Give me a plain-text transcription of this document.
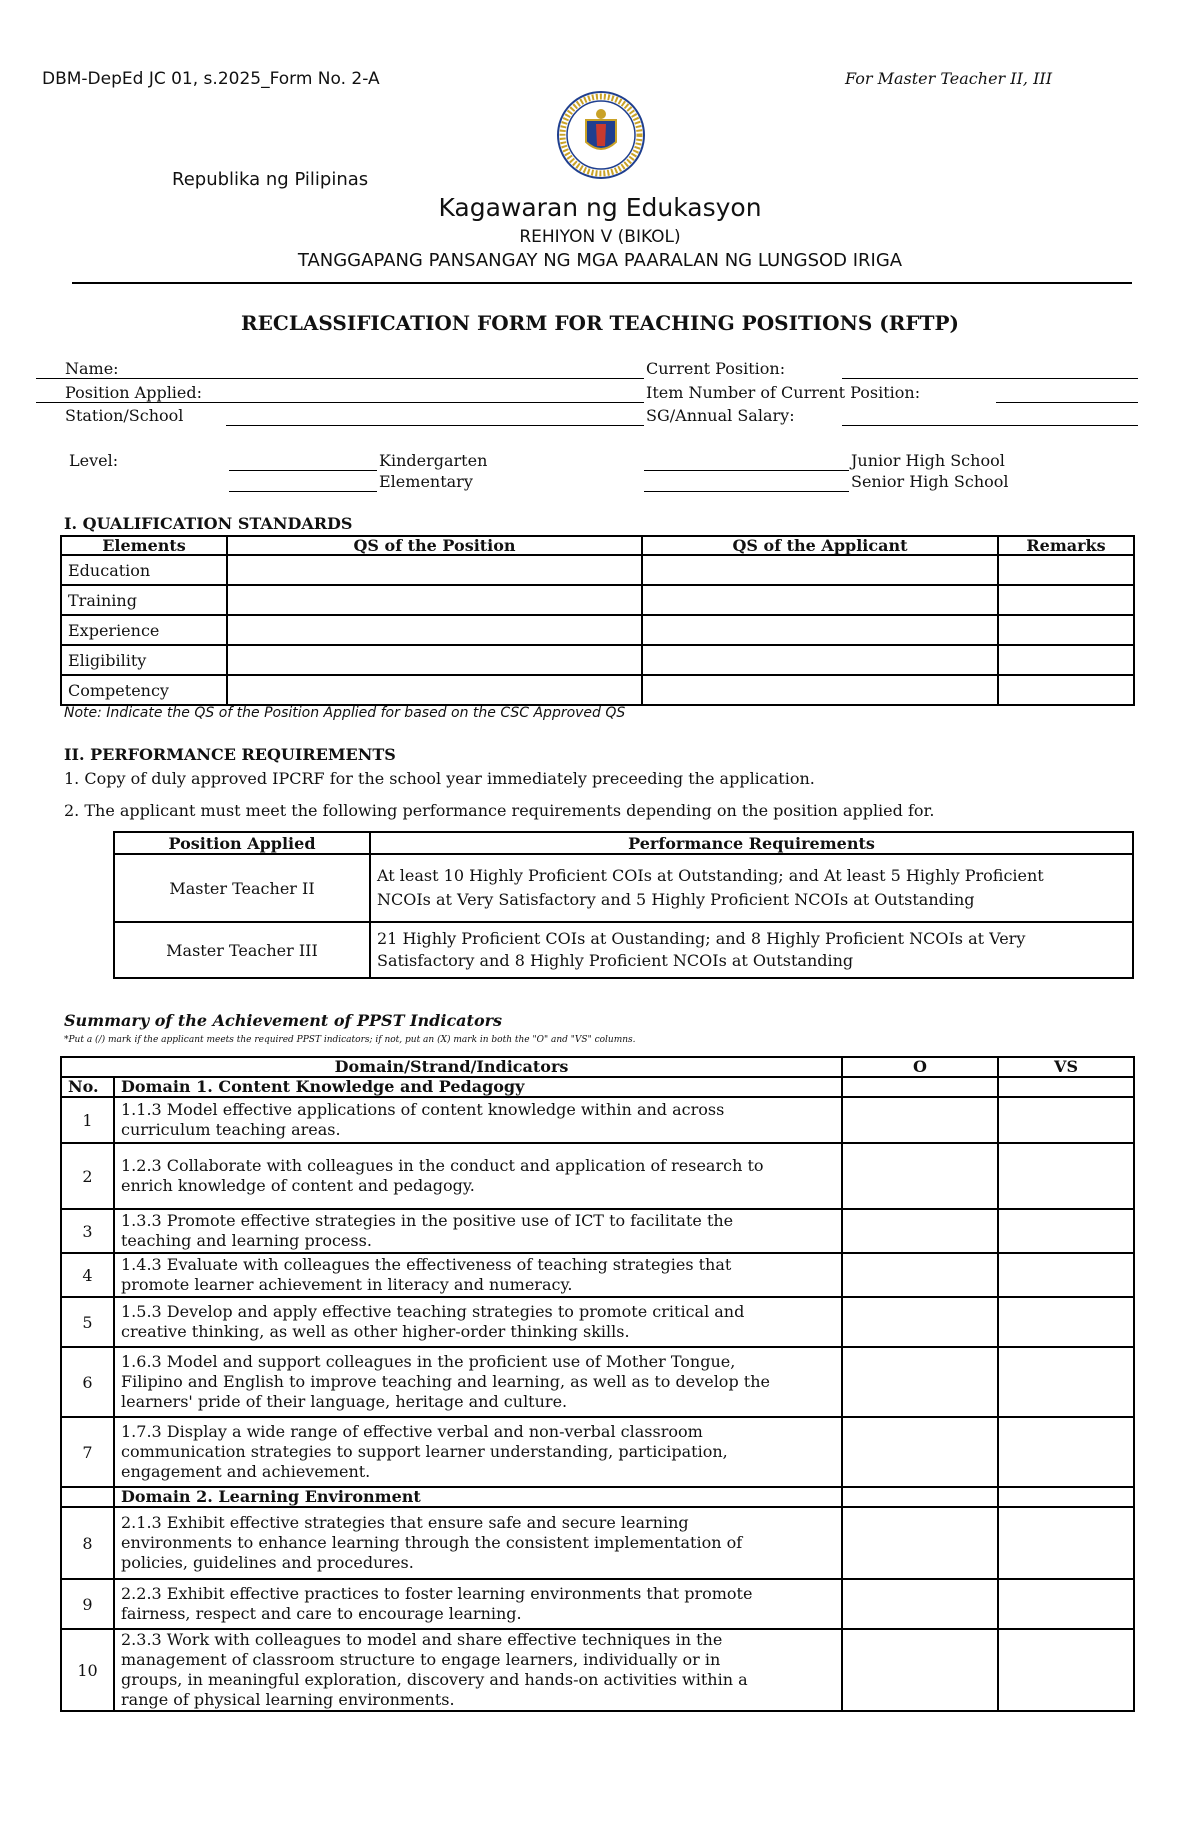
DBM-DepEd JC 01, s.2025_Form No. 2-A	For Master Teacher II, III
Republika ng Pilipinas
Kagawaran ng Edukasyon
REHIYON V (BIKOL)
TANGGAPANG PANSANGAY NG MGA PAARALAN NG LUNGSOD IRIGA
RECLASSIFICATION FORM FOR TEACHING POSITIONS (RFTP)
Name:
Position Applied:
Station/School
Current Position:
Item Number of Current Position:
SG/Annual Salary:
Level:	Kindergarten
Elementary
Junior High School
Senior High School
I. QUALIFICATION STANDARDS
Elements	QS of the Position	QS of the Applicant	Remarks
Education			
Training			
Experience			
Eligibility			
Competency			
Note: Indicate the QS of the Position Applied for based on the CSC Approved QS
II. PERFORMANCE REQUIREMENTS
1. Copy of duly approved IPCRF for the school year immediately preceeding the application.
2. The applicant must meet the following performance requirements depending on the position applied for.
Position Applied	Performance Requirements
Master Teacher II	At least 10 Highly Proficient COIs at Outstanding; and At least 5 Highly Proficient
NCOIs at Very Satisfactory and 5 Highly Proficient NCOIs at Outstanding

Master Teacher III	21 Highly Proficient COIs at Oustanding; and 8 Highly Proficient NCOIs at Very
Satisfactory and 8 Highly Proficient NCOIs at Outstanding
Summary of the Achievement of PPST Indicators
*Put a (/) mark if the applicant meets the required PPST indicators; if not, put an (X) mark in both the "O" and "VS" columns.
Domain/Strand/Indicators		O	VS
No.	Domain 1. Content Knowledge and Pedagogy		
1	1.1.3 Model effective applications of content knowledge within and across
curriculum teaching areas.		

2	1.2.3 Collaborate with colleagues in the conduct and application of research to
enrich knowledge of content and pedagogy.		

3	1.3.3 Promote effective strategies in the positive use of ICT to facilitate the
teaching and learning process.		

4	1.4.3 Evaluate with colleagues the effectiveness of teaching strategies that
promote learner achievement in literacy and numeracy.		

5	1.5.3 Develop and apply effective teaching strategies to promote critical and
creative thinking, as well as other higher-order thinking skills.		

6	1.6.3 Model and support colleagues in the proficient use of Mother Tongue,
Filipino and English to improve teaching and learning, as well as to develop the
learners' pride of their language, heritage and culture.		

7	1.7.3 Display a wide range of effective verbal and non-verbal classroom
communication strategies to support learner understanding, participation,
engagement and achievement.		

	Domain 2. Learning Environment		
8	2.1.3 Exhibit effective strategies that ensure safe and secure learning
environments to enhance learning through the consistent implementation of
policies, guidelines and procedures.		

9	2.2.3 Exhibit effective practices to foster learning environments that promote
fairness, respect and care to encourage learning.		

10	2.3.3 Work with colleagues to model and share effective techniques in the
management of classroom structure to engage learners, individually or in
groups, in meaningful exploration, discovery and hands-on activities within a
range of physical learning environments.		
